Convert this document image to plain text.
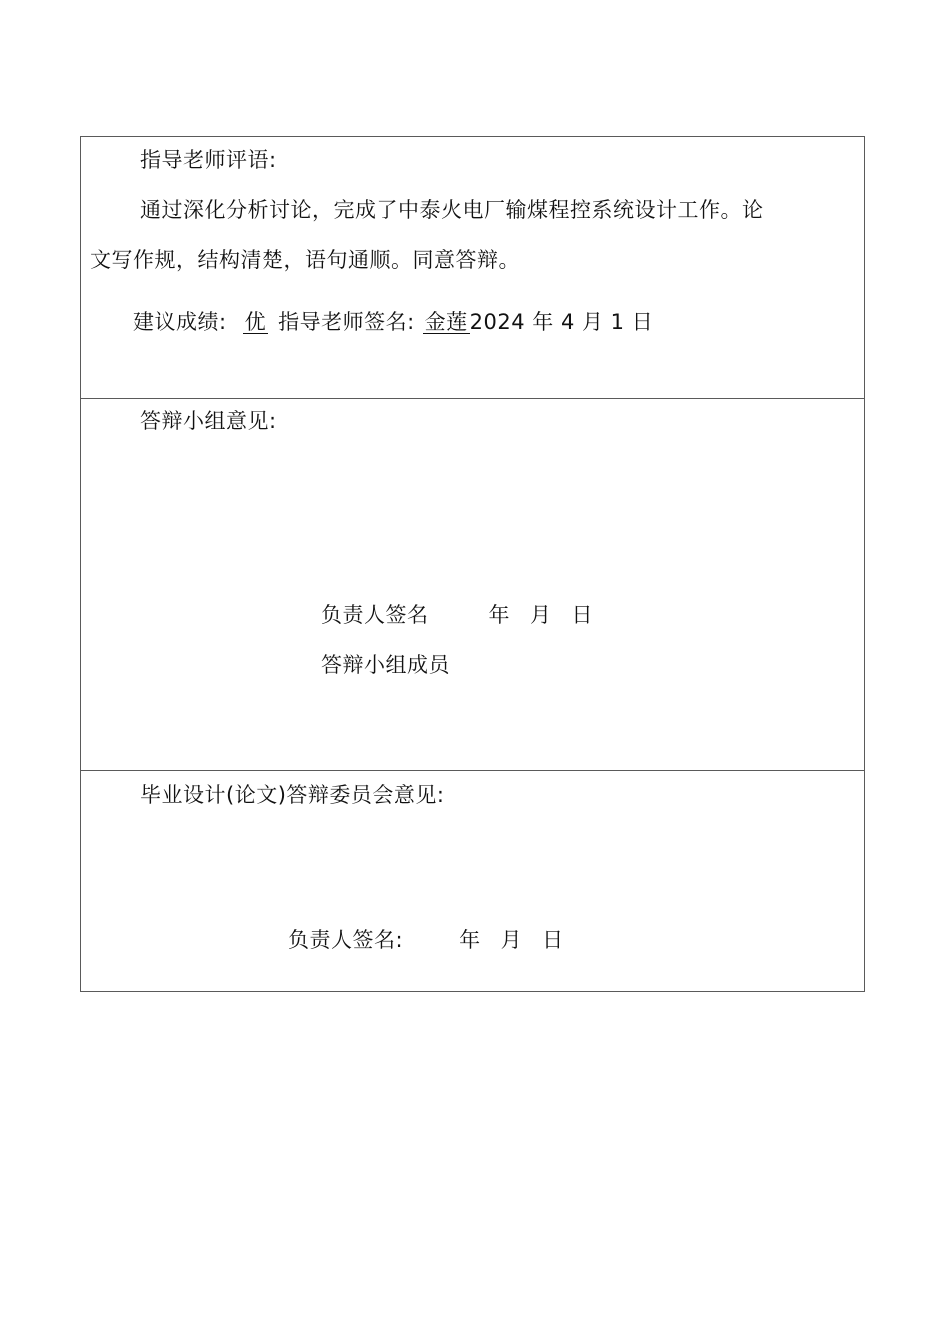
指导老师评语:
通过深化分析讨论，完成了中泰火电厂输煤程控系统设计工作。论
文写作规，结构清楚，语句通顺。同意答辩。
建议成绩: 优 指导老师签名: 金莲2024 年 4 月 1 日
答辩小组意见:
负责人签名	年 月 日
答辩小组成员
毕业设计(论文)答辩委员会意见:
负责人签名:	年 月 日
